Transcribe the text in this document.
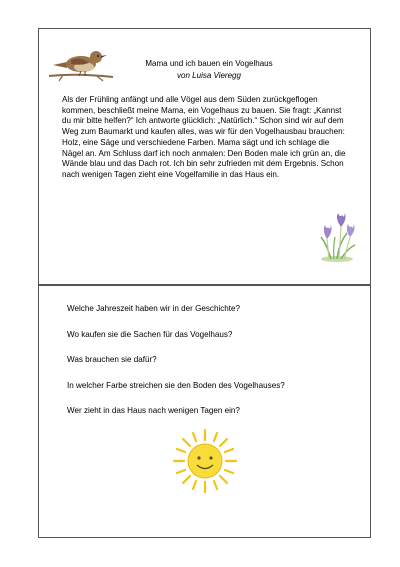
Mama und ich bauen ein Vogelhaus
von Luisa Vieregg

Als der Frühling anfängt und alle Vögel aus dem Süden zurückgeflogen kommen, beschließt meine Mama, ein Vogelhaus zu bauen. Sie fragt: „Kannst du mir bitte helfen?“ Ich antworte glücklich: „Natürlich.“ Schon sind wir auf dem Weg zum Baumarkt und kaufen alles, was wir für den Vogelhausbau brauchen: Holz, eine Säge und verschiedene Farben. Mama sägt und ich schlage die Nägel an. Am Schluss darf ich noch anmalen: Den Boden male ich grün an, die Wände blau und das Dach rot. Ich bin sehr zufrieden mit dem Ergebnis. Schon nach wenigen Tagen zieht eine Vogelfamilie in das Haus ein.

Welche Jahreszeit haben wir in der Geschichte?
Wo kaufen sie die Sachen für das Vogelhaus?
Was brauchen sie dafür?
In welcher Farbe streichen sie den Boden des Vogelhauses?
Wer zieht in das Haus nach wenigen Tagen ein?
